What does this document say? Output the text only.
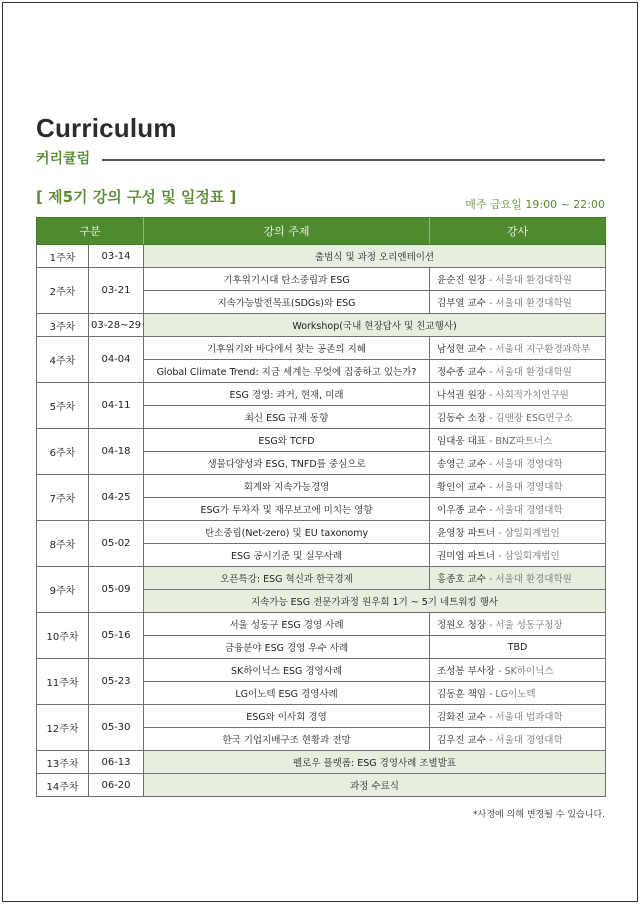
Curriculum
커리큘럼
[ 제5기 강의 구성 및 일정표 ]	매주 금요일 19:00 ~ 22:00
구분		강의 주제	강사
1주차	03-14	출범식 및 과정 오리엔테이션	
2주차	03-21	기후위기시대 탄소중립과 ESG	윤순진 원장 - 서울대 환경대학원
		지속가능발전목표(SDGs)와 ESG	김부열 교수 - 서울대 환경대학원
3주차	03-28~29	Workshop(국내 현장답사 및 친교행사)	
4주차	04-04	기후위기와 바다에서 찾는 공존의 지혜	남성현 교수 - 서울대 지구환경과학부
		Global Climate Trend: 지금 세계는 무엇에 집중하고 있는가?	정수종 교수 - 서울대 환경대학원
5주차	04-11	ESG 경영: 과거, 현재, 미래	나석권 원장 - 사회적가치연구원
		최신 ESG 규제 동향	김동수 소장 - 김앤장 ESG연구소
6주차	04-18	ESG와 TCFD	임대웅 대표 - BNZ파트너스
		생물다양성과 ESG, TNFD를 중심으로	송영근 교수 - 서울대 경영대학
7주차	04-25	회계와 지속가능경영	황인이 교수 - 서울대 경영대학
		ESG가 투자자 및 재무보고에 미치는 영향	이우종 교수 - 서울대 경영대학
8주차	05-02	탄소중립(Net-zero) 및 EU taxonomy	윤영창 파트너 - 삼일회계법인
		ESG 공시기준 및 실무사례	권미엽 파트너 - 삼일회계법인
9주차	05-09	오픈특강: ESG 혁신과 한국경제	홍종호 교수 - 서울대 환경대학원
		지속가능 ESG 전문가과정 원우회 1기 ~ 5기 네트워킹 행사	
10주차	05-16	서울 성동구 ESG 경영 사례	정원오 청장 - 서울 성동구청장
		금융분야 ESG 경영 우수 사례	TBD
11주차	05-23	SK하이닉스 ESG 경영사례	조성봉 부사장 - SK하이닉스
		LG이노텍 ESG 경영사례	김동훈 책임 - LG이노텍
12주차	05-30	ESG와 이사회 경영	김화진 교수 - 서울대 법과대학
		한국 기업지배구조 현황과 전망	김우진 교수 - 서울대 경영대학
13주차	06-13	펠로우 플랫폼: ESG 경영사례 조별발표	
14주차	06-20	과정 수료식	
*사정에 의해 변경될 수 있습니다.
